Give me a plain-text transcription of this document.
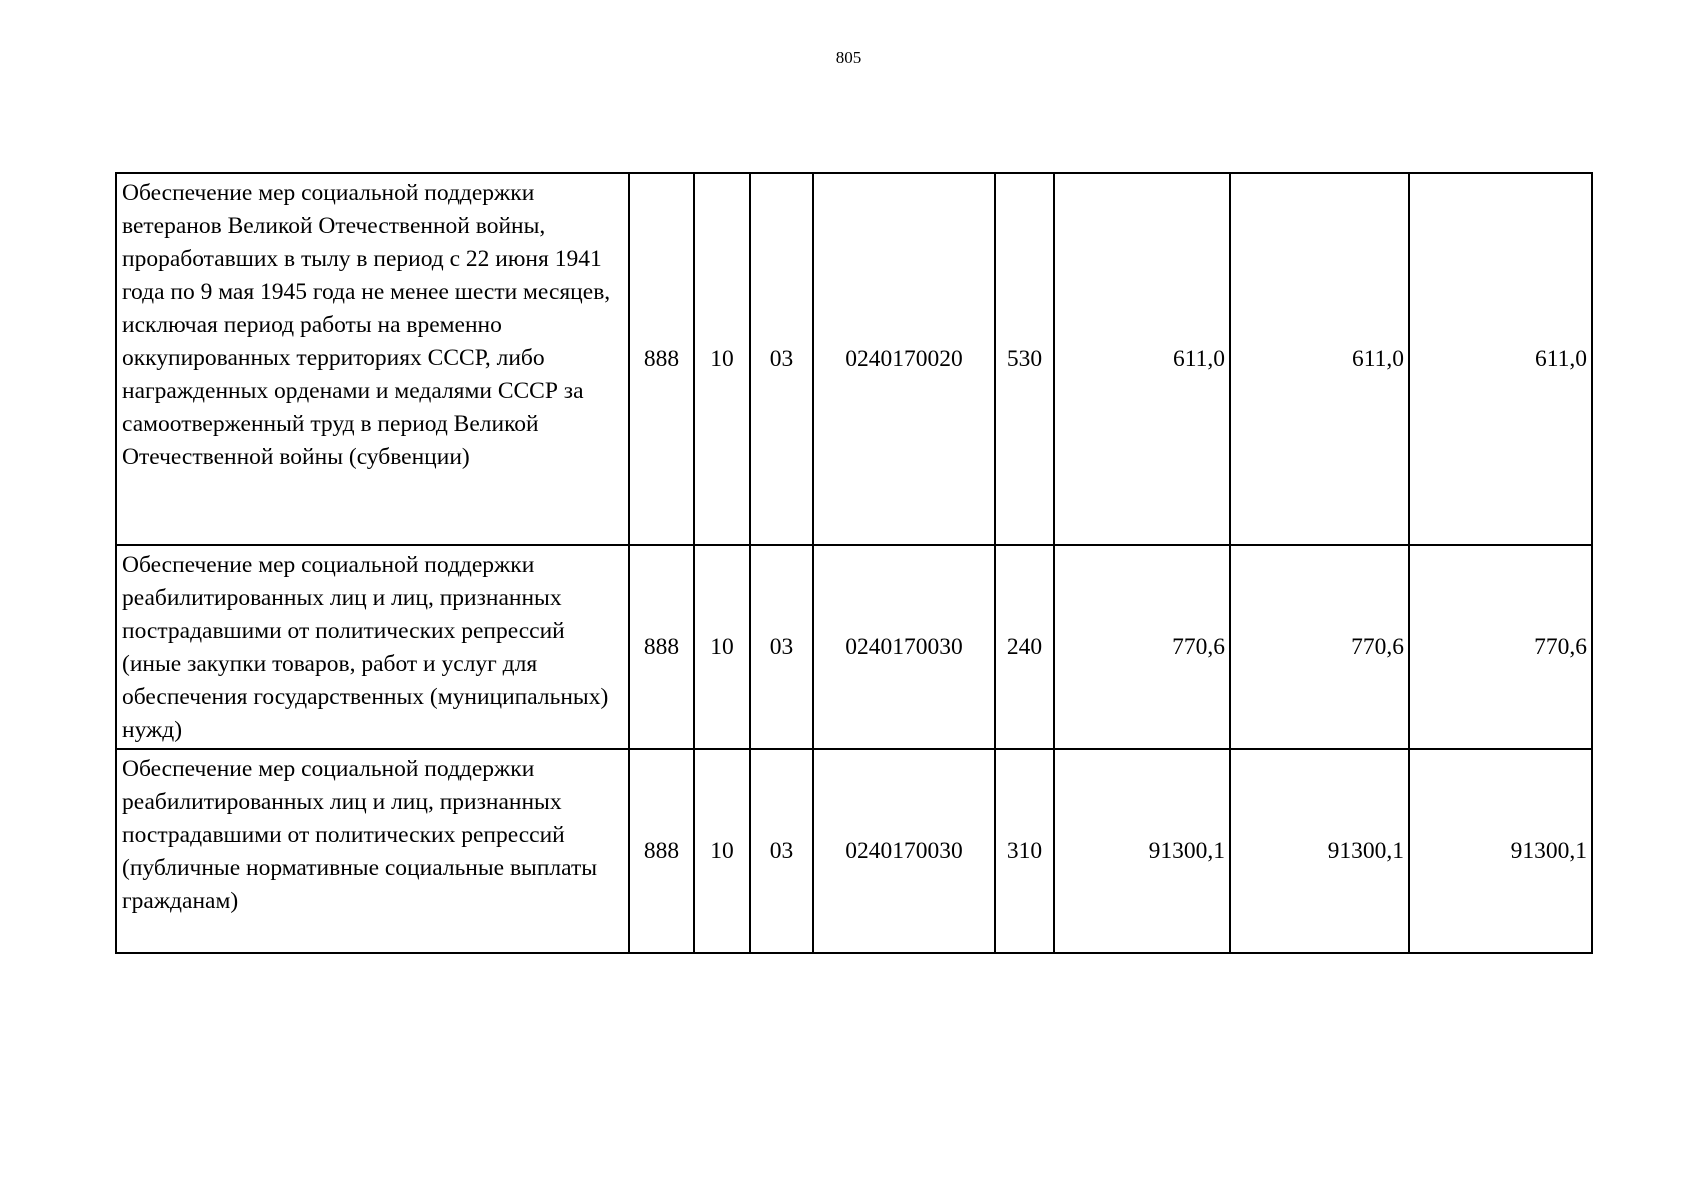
805
Обеспечение мер социальной поддержки ветеранов Великой Отечественной войны, проработавших в тылу в период с 22 июня 1941 года по 9 мая 1945 года не менее шести месяцев, исключая период работы на временно оккупированных территориях СССР, либо награжденных орденами и медалями СССР за самоотверженный труд в период Великой Отечественной войны (субвенции)	888	10	03	0240170020	530	611,0	611,0	611,0
Обеспечение мер социальной поддержки реабилитированных лиц и лиц, признанных пострадавшими от политических репрессий (иные закупки товаров, работ и услуг для обеспечения государственных (муниципальных) нужд)	888	10	03	0240170030	240	770,6	770,6	770,6
Обеспечение мер социальной поддержки реабилитированных лиц и лиц, признанных пострадавшими от политических репрессий (публичные нормативные социальные выплаты гражданам)	888	10	03	0240170030	310	91300,1	91300,1	91300,1
